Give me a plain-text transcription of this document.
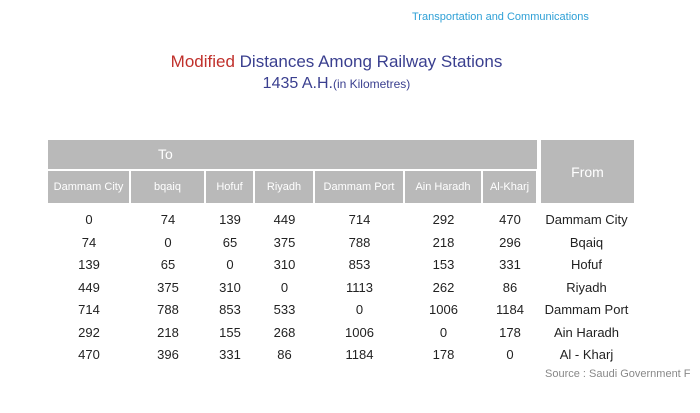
Transportation and Communications
Modified Distances Among Railway Stations
1435 A.H.(in Kilometres)
To
From
Dammam City	bqaiq	Hofuf	Riyadh	Dammam Port	Ain Haradh	Al-Kharj
0	74	139	449	714	292	470	Dammam City
74	0	65	375	788	218	296	Bqaiq
139	65	0	310	853	153	331	Hofuf
449	375	310	0	1113	262	86	Riyadh
714	788	853	533	0	1006	1184	Dammam Port
292	218	155	268	1006	0	178	Ain Haradh
470	396	331	86	1184	178	0	Al - Kharj
Source : Saudi Government F
